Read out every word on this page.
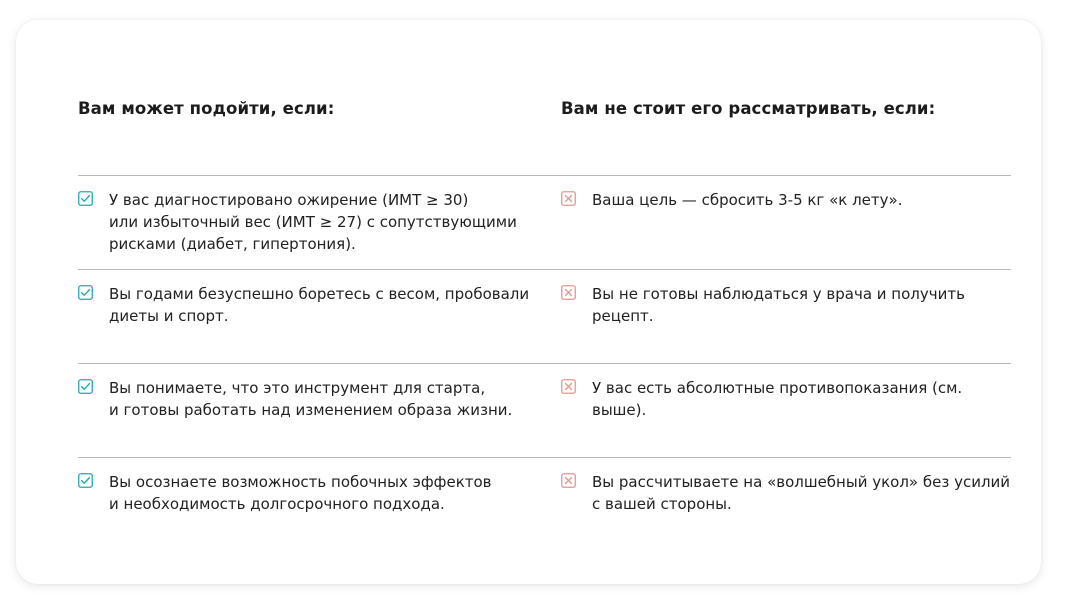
Вам может подойти, если:	Вам не стоит его рассматривать, если:

У вас диагностировано ожирение (ИМТ ≥ 30)
или избыточный вес (ИМТ ≥ 27) с сопутствующими
рисками (диабет, гипертония).

Ваша цель — сбросить 3-5 кг «к лету».

Вы годами безуспешно боретесь с весом, пробовали
диеты и спорт.

Вы не готовы наблюдаться у врача и получить
рецепт.

Вы понимаете, что это инструмент для старта,
и готовы работать над изменением образа жизни.

У вас есть абсолютные противопоказания (см. выше).

Вы осознаете возможность побочных эффектов
и необходимость долгосрочного подхода.

Вы рассчитываете на «волшебный укол» без усилий
с вашей стороны.
